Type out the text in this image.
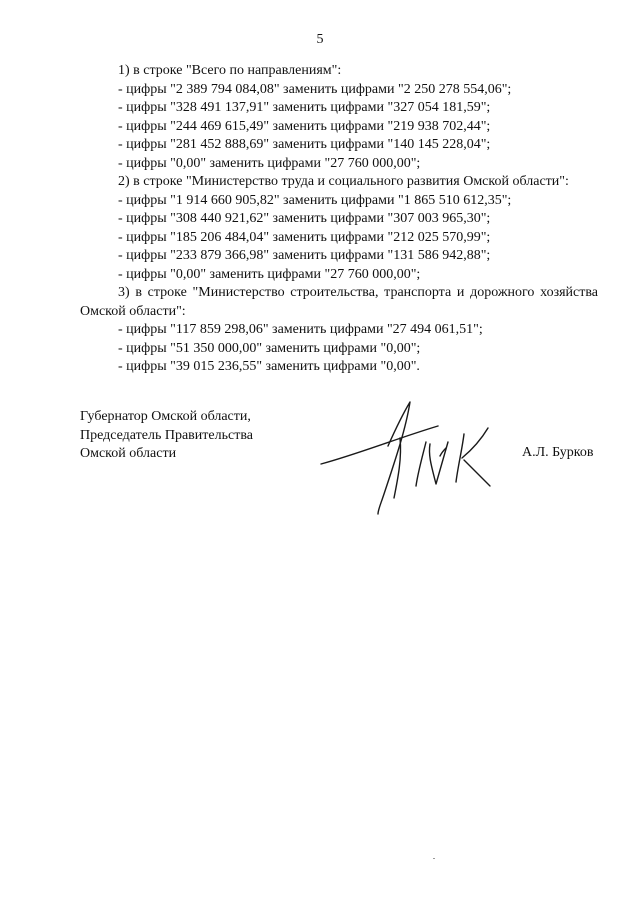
5
1) в строке "Всего по направлениям":
- цифры "2 389 794 084,08" заменить цифрами "2 250 278 554,06";
- цифры "328 491 137,91" заменить цифрами "327 054 181,59";
- цифры "244 469 615,49" заменить цифрами "219 938 702,44";
- цифры "281 452 888,69" заменить цифрами "140 145 228,04";
- цифры "0,00" заменить цифрами "27 760 000,00";
2) в строке "Министерство труда и социального развития Омской области":
- цифры "1 914 660 905,82" заменить цифрами "1 865 510 612,35";
- цифры "308 440 921,62" заменить цифрами "307 003 965,30";
- цифры "185 206 484,04" заменить цифрами "212 025 570,99";
- цифры "233 879 366,98" заменить цифрами "131 586 942,88";
- цифры "0,00" заменить цифрами "27 760 000,00";
3) в строке "Министерство строительства, транспорта и дорожного хозяйства Омской области":
- цифры "117 859 298,06" заменить цифрами "27 494 061,51";
- цифры "51 350 000,00" заменить цифрами "0,00";
- цифры "39 015 236,55" заменить цифрами "0,00".
Губернатор Омской области,
Председатель Правительства
Омской области	А.Л. Бурков
